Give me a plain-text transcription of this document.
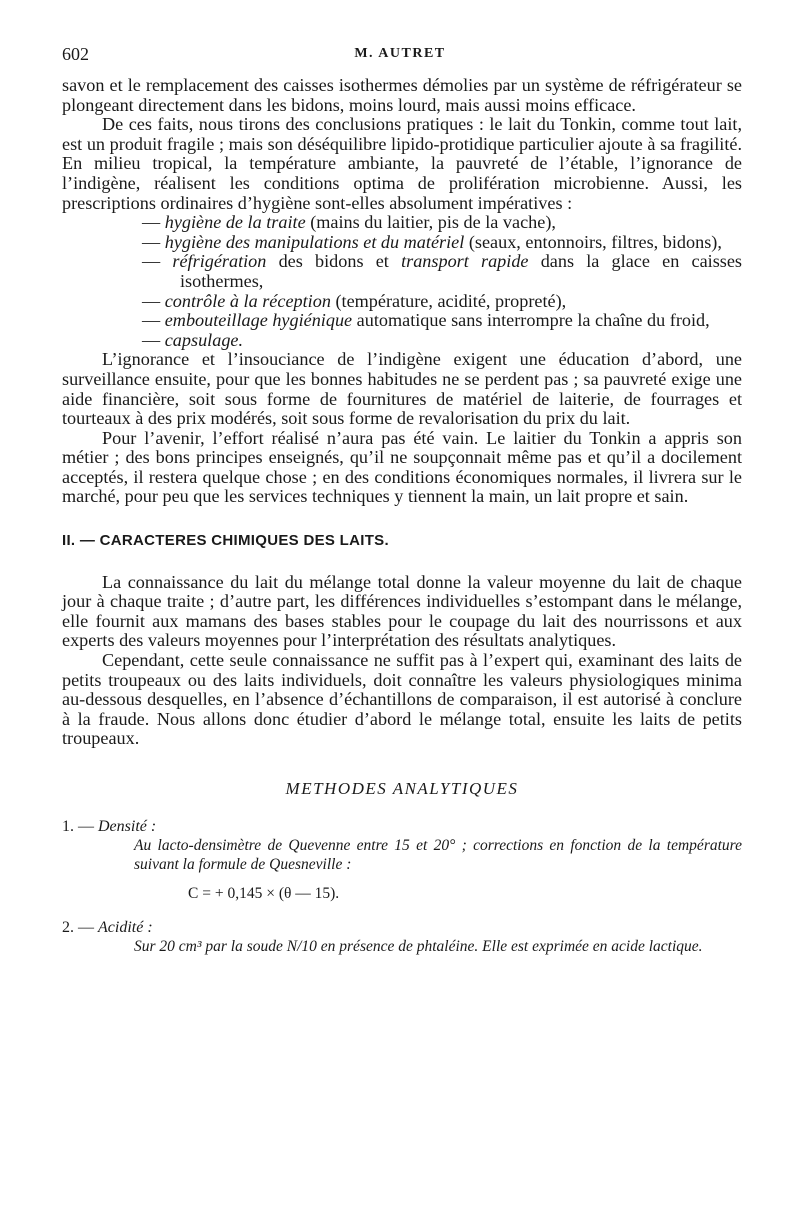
602	M. AUTRET

savon et le remplacement des caisses isothermes démolies par un système de réfrigérateur se plongeant directement dans les bidons, moins lourd, mais aussi moins efficace.

De ces faits, nous tirons des conclusions pratiques : le lait du Tonkin, comme tout lait, est un produit fragile ; mais son déséquilibre lipido-protidique particulier ajoute à sa fragilité. En milieu tropical, la température ambiante, la pauvreté de l’étable, l’ignorance de l’indigène, réalisent les conditions optima de prolifération microbienne. Aussi, les prescriptions ordinaires d’hygiène sont-elles absolument impératives :

— hygiène de la traite (mains du laitier, pis de la vache),
— hygiène des manipulations et du matériel (seaux, entonnoirs, filtres, bidons),
— réfrigération des bidons et transport rapide dans la glace en caisses isothermes,
— contrôle à la réception (température, acidité, propreté),
— embouteillage hygiénique automatique sans interrompre la chaîne du froid,
— capsulage.

L’ignorance et l’insouciance de l’indigène exigent une éducation d’abord, une surveillance ensuite, pour que les bonnes habitudes ne se perdent pas ; sa pauvreté exige une aide financière, soit sous forme de fournitures de matériel de laiterie, de fourrages et tourteaux à des prix modérés, soit sous forme de revalorisation du prix du lait.

Pour l’avenir, l’effort réalisé n’aura pas été vain. Le laitier du Tonkin a appris son métier ; des bons principes enseignés, qu’il ne soupçonnait même pas et qu’il a docilement acceptés, il restera quelque chose ; en des conditions économiques normales, il livrera sur le marché, pour peu que les services techniques y tiennent la main, un lait propre et sain.

II. — CARACTERES CHIMIQUES DES LAITS.

La connaissance du lait du mélange total donne la valeur moyenne du lait de chaque jour à chaque traite ; d’autre part, les différences individuelles s’estompant dans le mélange, elle fournit aux mamans des bases stables pour le coupage du lait des nourrissons et aux experts des valeurs moyennes pour l’interprétation des résultats analytiques.

Cependant, cette seule connaissance ne suffit pas à l’expert qui, examinant des laits de petits troupeaux ou des laits individuels, doit connaître les valeurs physiologiques minima au-dessous desquelles, en l’absence d’échantillons de comparaison, il est autorisé à conclure à la fraude. Nous allons donc étudier d’abord le mélange total, ensuite les laits de petits troupeaux.

METHODES ANALYTIQUES
1. — Densité :
Au lacto-densimètre de Quevenne entre 15 et 20° ; corrections en fonction de la température suivant la formule de Quesneville :
C = + 0,145 × (θ — 15).
2. — Acidité :
Sur 20 cm³ par la soude N/10 en présence de phtaléine. Elle est exprimée en acide lactique.
